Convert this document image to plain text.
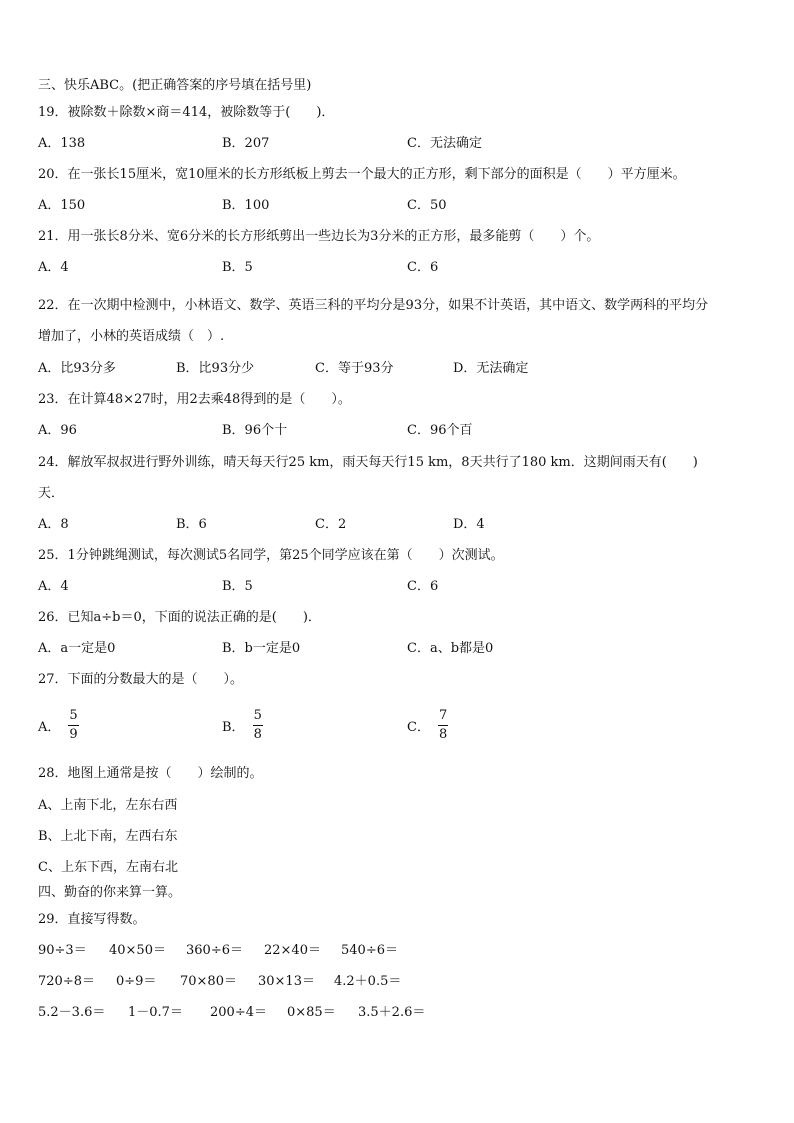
三、快乐ABC。(把正确答案的序号填在括号里)
19．被除数＋除数×商＝414，被除数等于(　　)．
A．138	B．207	C．无法确定
20．在一张长15厘米，宽10厘米的长方形纸板上剪去一个最大的正方形，剩下部分的面积是（　　）平方厘米。
A．150	B．100	C．50
21．用一张长8分米、宽6分米的长方形纸剪出一些边长为3分米的正方形，最多能剪（　　）个。
A．4	B．5	C．6
22．在一次期中检测中，小林语文、数学、英语三科的平均分是93分，如果不计英语，其中语文、数学两科的平均分
增加了，小林的英语成绩（　）.
A．比93分多	B．比93分少	C．等于93分	D．无法确定
23．在计算48×27时，用2去乘48得到的是（　　）。
A．96	B．96个十	C．96个百
24．解放军叔叔进行野外训练，晴天每天行25 km，雨天每天行15 km，8天共行了180 km．这期间雨天有(　　)
天．
A．8	B．6	C．2	D．4
25．1分钟跳绳测试，每次测试5名同学，第25个同学应该在第（　　）次测试。
A．4	B．5	C．6
26．已知a÷b＝0，下面的说法正确的是(　　)．
A．a一定是0	B．b一定是0	C．a、b都是0
27．下面的分数最大的是（　　）。
A． $\frac{5}{9}$	B． $\frac{5}{8}$	C． $\frac{7}{8}$
28．地图上通常是按（　　）绘制的。
A、上南下北，左东右西
B、上北下南，左西右东
C、上东下西，左南右北
四、勤奋的你来算一算。
29．直接写得数。
90÷3＝ 40×50＝ 360÷6＝ 22×40＝ 540÷6＝
720÷8＝ 0÷9＝ 70×80＝ 30×13＝ 4.2＋0.5＝
5.2－3.6＝ 1－0.7＝ 200÷4＝ 0×85＝ 3.5＋2.6＝
